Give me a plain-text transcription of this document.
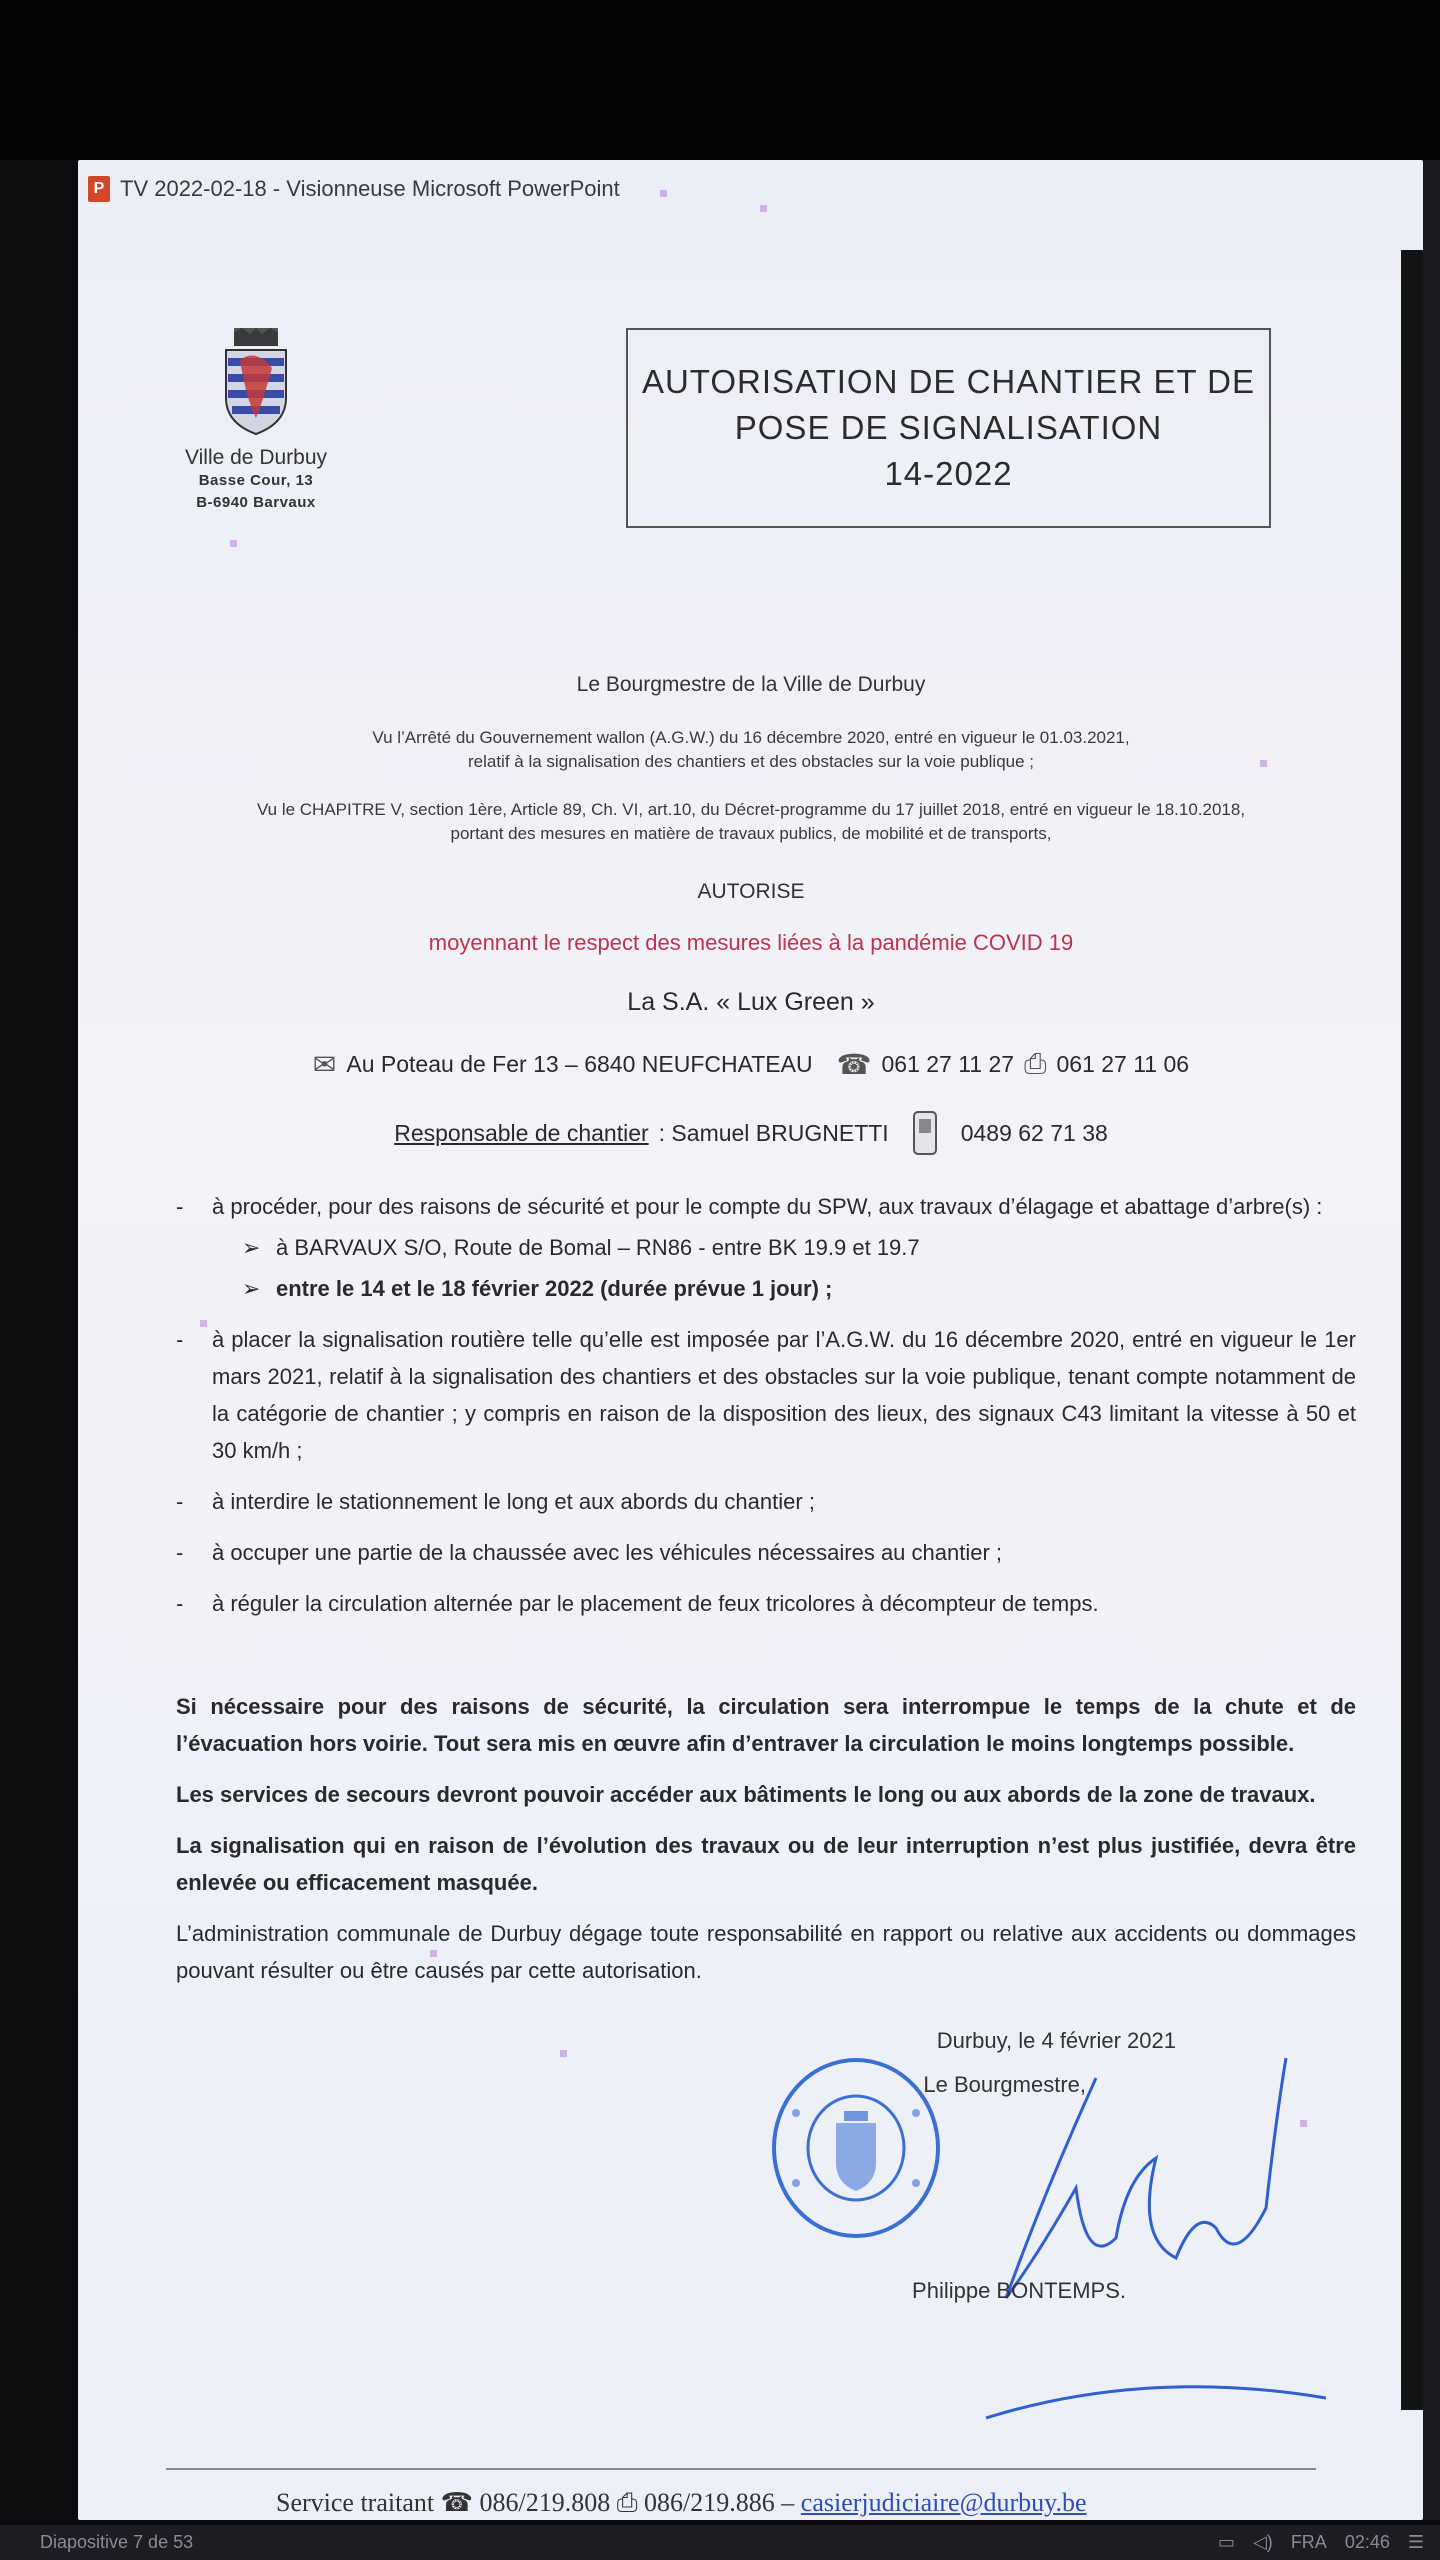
P TV 2022-02-18 - Visionneuse Microsoft PowerPoint
Ville de Durbuy
Basse Cour, 13
B-6940 Barvaux
AUTORISATION DE CHANTIER ET DE
POSE DE SIGNALISATION
14-2022
Le Bourgmestre de la Ville de Durbuy
Vu l’Arrêté du Gouvernement wallon (A.G.W.) du 16 décembre 2020, entré en vigueur le 01.03.2021,
relatif à la signalisation des chantiers et des obstacles sur la voie publique ;
Vu le CHAPITRE V, section 1ère, Article 89, Ch. VI, art.10, du Décret-programme du 17 juillet 2018, entré en vigueur le 18.10.2018,
portant des mesures en matière de travaux publics, de mobilité et de transports,
AUTORISE
moyennant le respect des mesures liées à la pandémie COVID 19
La S.A. « Lux Green »
✉ Au Poteau de Fer 13 – 6840 NEUFCHATEAU ☎ 061 27 11 27 ⎙ 061 27 11 06
Responsable de chantier : Samuel BRUGNETTI	0489 62 71 38
- à procéder, pour des raisons de sécurité et pour le compte du SPW, aux travaux d’élagage et abattage d’arbre(s) :
➢ à BARVAUX S/O, Route de Bomal – RN86 - entre BK 19.9 et 19.7
➢ entre le 14 et le 18 février 2022 (durée prévue 1 jour) ;
- à placer la signalisation routière telle qu’elle est imposée par l’A.G.W. du 16 décembre 2020, entré en vigueur le 1er mars 2021, relatif à la signalisation des chantiers et des obstacles sur la voie publique, tenant compte notamment de la catégorie de chantier ; y compris en raison de la disposition des lieux, des signaux C43 limitant la vitesse à 50 et 30 km/h ;
- à interdire le stationnement le long et aux abords du chantier ;
- à occuper une partie de la chaussée avec les véhicules nécessaires au chantier ;
- à réguler la circulation alternée par le placement de feux tricolores à décompteur de temps.
Si nécessaire pour des raisons de sécurité, la circulation sera interrompue le temps de la chute et de l’évacuation hors voirie. Tout sera mis en œuvre afin d’entraver la circulation le moins longtemps possible.
Les services de secours devront pouvoir accéder aux bâtiments le long ou aux abords de la zone de travaux.
La signalisation qui en raison de l’évolution des travaux ou de leur interruption n’est plus justifiée, devra être enlevée ou efficacement masquée.
L’administration communale de Durbuy dégage toute responsabilité en rapport ou relative aux accidents ou dommages pouvant résulter ou être causés par cette autorisation.
Durbuy, le 4 février 2021
Le Bourgmestre,
Philippe BONTEMPS.
Service traitant ☎ 086/219.808 ⎙ 086/219.886 – casierjudiciaire@durbuy.be
Diapositive 7 de 53	▭ ◁) FRA 02:46 ☰
